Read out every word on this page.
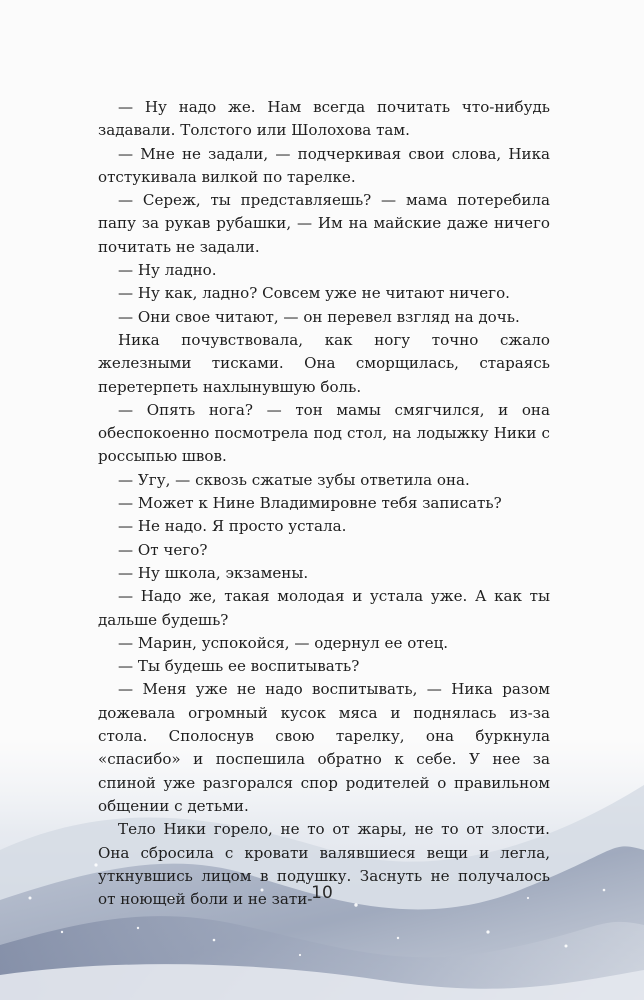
— Ну надо же. Нам всегда почитать что-нибудь задавали. Толстого или Шолохова там.

— Мне не задали, — подчеркивая свои слова, Ника отстукивала вилкой по тарелке.

— Сереж, ты представляешь? — мама потеребила папу за рукав рубашки, — Им на майские даже ничего почитать не задали.

— Ну ладно.

— Ну как, ладно? Совсем уже не читают ничего.

— Они свое читают, — он перевел взгляд на дочь.

Ника почувствовала, как ногу точно сжало железными тисками. Она сморщилась, стараясь перетерпеть нахлынувшую боль.

— Опять нога? — тон мамы смягчился, и она обеспокоенно посмотрела под стол, на лодыжку Ники с россыпью швов.

— Угу, — сквозь сжатые зубы ответила она.

— Может к Нине Владимировне тебя записать?

— Не надо. Я просто устала.

— От чего?

— Ну школа, экзамены.

— Надо же, такая молодая и устала уже. А как ты дальше будешь?

— Марин, успокойся, — одернул ее отец.

— Ты будешь ее воспитывать?

— Меня уже не надо воспитывать, — Ника разом дожевала огромный кусок мяса и поднялась из-за стола. Сполоснув свою тарелку, она буркнула «спасибо» и поспешила обратно к себе. У нее за спиной уже разгорался спор родителей о правильном общении с детьми.

Тело Ники горело, не то от жары, не то от злости. Она сбросила с кровати валявшиеся вещи и легла, уткнувшись лицом в подушку. Заснуть не получалось от ноющей боли и не зати-

10
